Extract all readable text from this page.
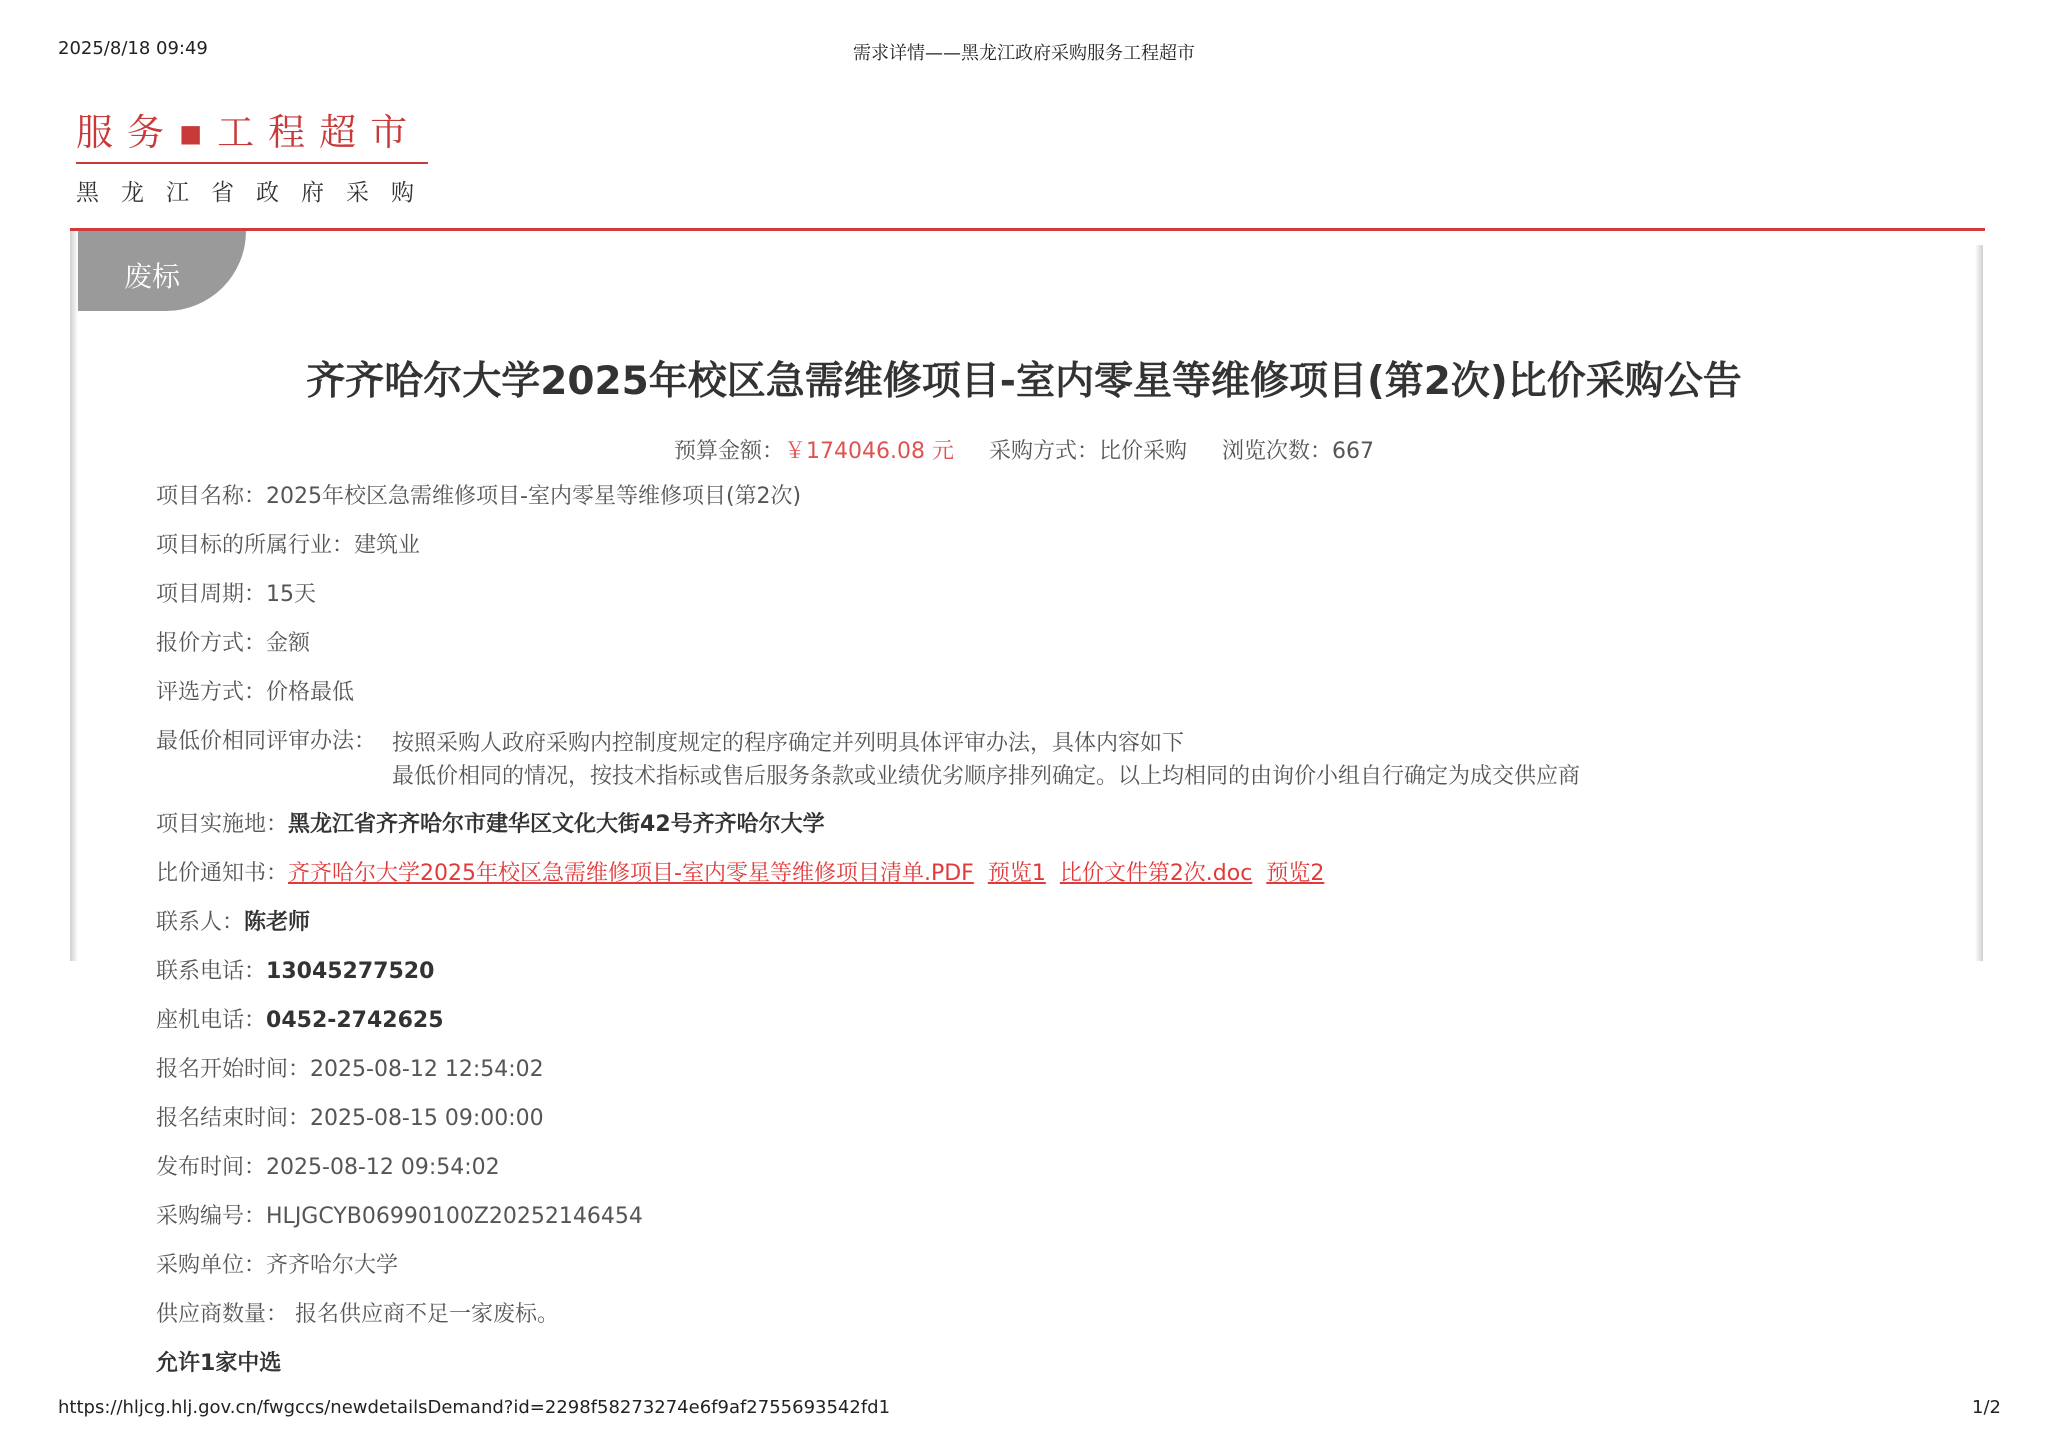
2025/8/18 09:49	需求详情——黑龙江政府采购服务工程超市
服务▪工程超市
黑龙江省政府采购
废标
齐齐哈尔大学2025年校区急需维修项目-室内零星等维修项目(第2次)比价采购公告
预算金额：￥174046.08 元 采购方式：比价采购 浏览次数：667
项目名称：2025年校区急需维修项目-室内零星等维修项目(第2次)
项目标的所属行业：建筑业
项目周期：15天
报价方式：金额
评选方式：价格最低
最低价相同评审办法： 按照采购人政府采购内控制度规定的程序确定并列明具体评审办法，具体内容如下
最低价相同的情况，按技术指标或售后服务条款或业绩优劣顺序排列确定。以上均相同的由询价小组自行确定为成交供应商
项目实施地：黑龙江省齐齐哈尔市建华区文化大街42号齐齐哈尔大学
比价通知书：齐齐哈尔大学2025年校区急需维修项目-室内零星等维修项目清单.PDF 预览1 比价文件第2次.doc 预览2
联系人：陈老师
联系电话：13045277520
座机电话：0452-2742625
报名开始时间：2025-08-12 12:54:02
报名结束时间：2025-08-15 09:00:00
发布时间：2025-08-12 09:54:02
采购编号：HLJGCYB06990100Z20252146454
采购单位：齐齐哈尔大学
供应商数量： 报名供应商不足一家废标。
允许1家中选
https://hljcg.hlj.gov.cn/fwgccs/newdetailsDemand?id=2298f58273274e6f9af2755693542fd1	1/2
